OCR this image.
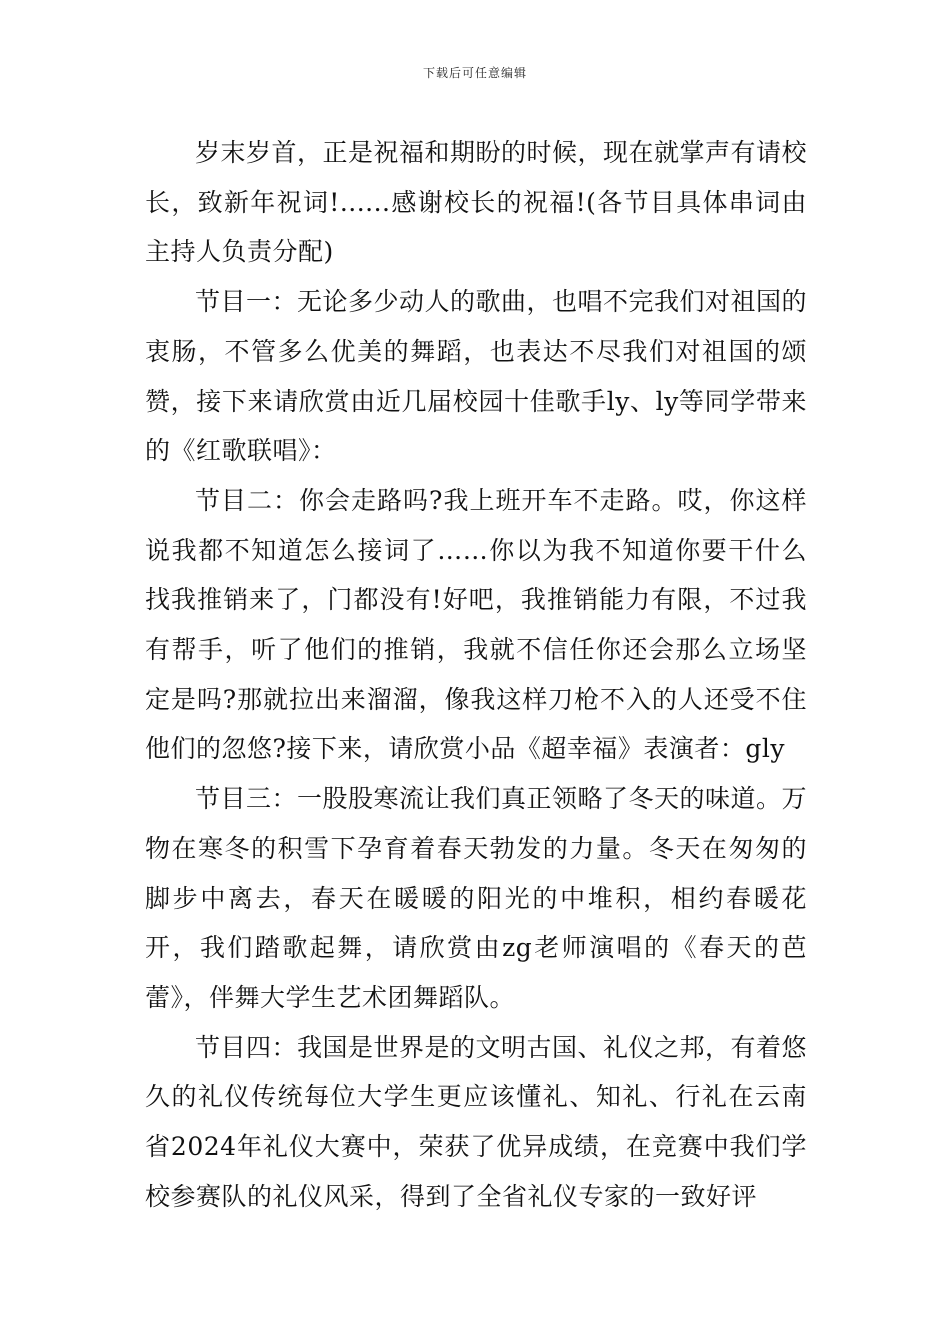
下载后可任意编辑

岁末岁首，正是祝福和期盼的时候，现在就掌声有请校长，致新年祝词!......感谢校长的祝福!(各节目具体串词由主持人负责分配)

节目一：无论多少动人的歌曲，也唱不完我们对祖国的衷肠，不管多么优美的舞蹈，也表达不尽我们对祖国的颂赞，接下来请欣赏由近几届校园十佳歌手ly、ly等同学带来的《红歌联唱》：

节目二：你会走路吗?我上班开车不走路。哎，你这样说我都不知道怎么接词了……你以为我不知道你要干什么找我推销来了，门都没有!好吧，我推销能力有限，不过我有帮手，听了他们的推销，我就不信任你还会那么立场坚定是吗?那就拉出来溜溜，像我这样刀枪不入的人还受不住他们的忽悠?接下来，请欣赏小品《超幸福》表演者：gly

节目三：一股股寒流让我们真正领略了冬天的味道。万物在寒冬的积雪下孕育着春天勃发的力量。冬天在匆匆的脚步中离去，春天在暖暖的阳光的中堆积，相约春暖花开，我们踏歌起舞，请欣赏由zg老师演唱的《春天的芭蕾》，伴舞大学生艺术团舞蹈队。

节目四：我国是世界是的文明古国、礼仪之邦，有着悠久的礼仪传统每位大学生更应该懂礼、知礼、行礼在云南省2024年礼仪大赛中，荣获了优异成绩，在竞赛中我们学校参赛队的礼仪风采，得到了全省礼仪专家的一致好评
